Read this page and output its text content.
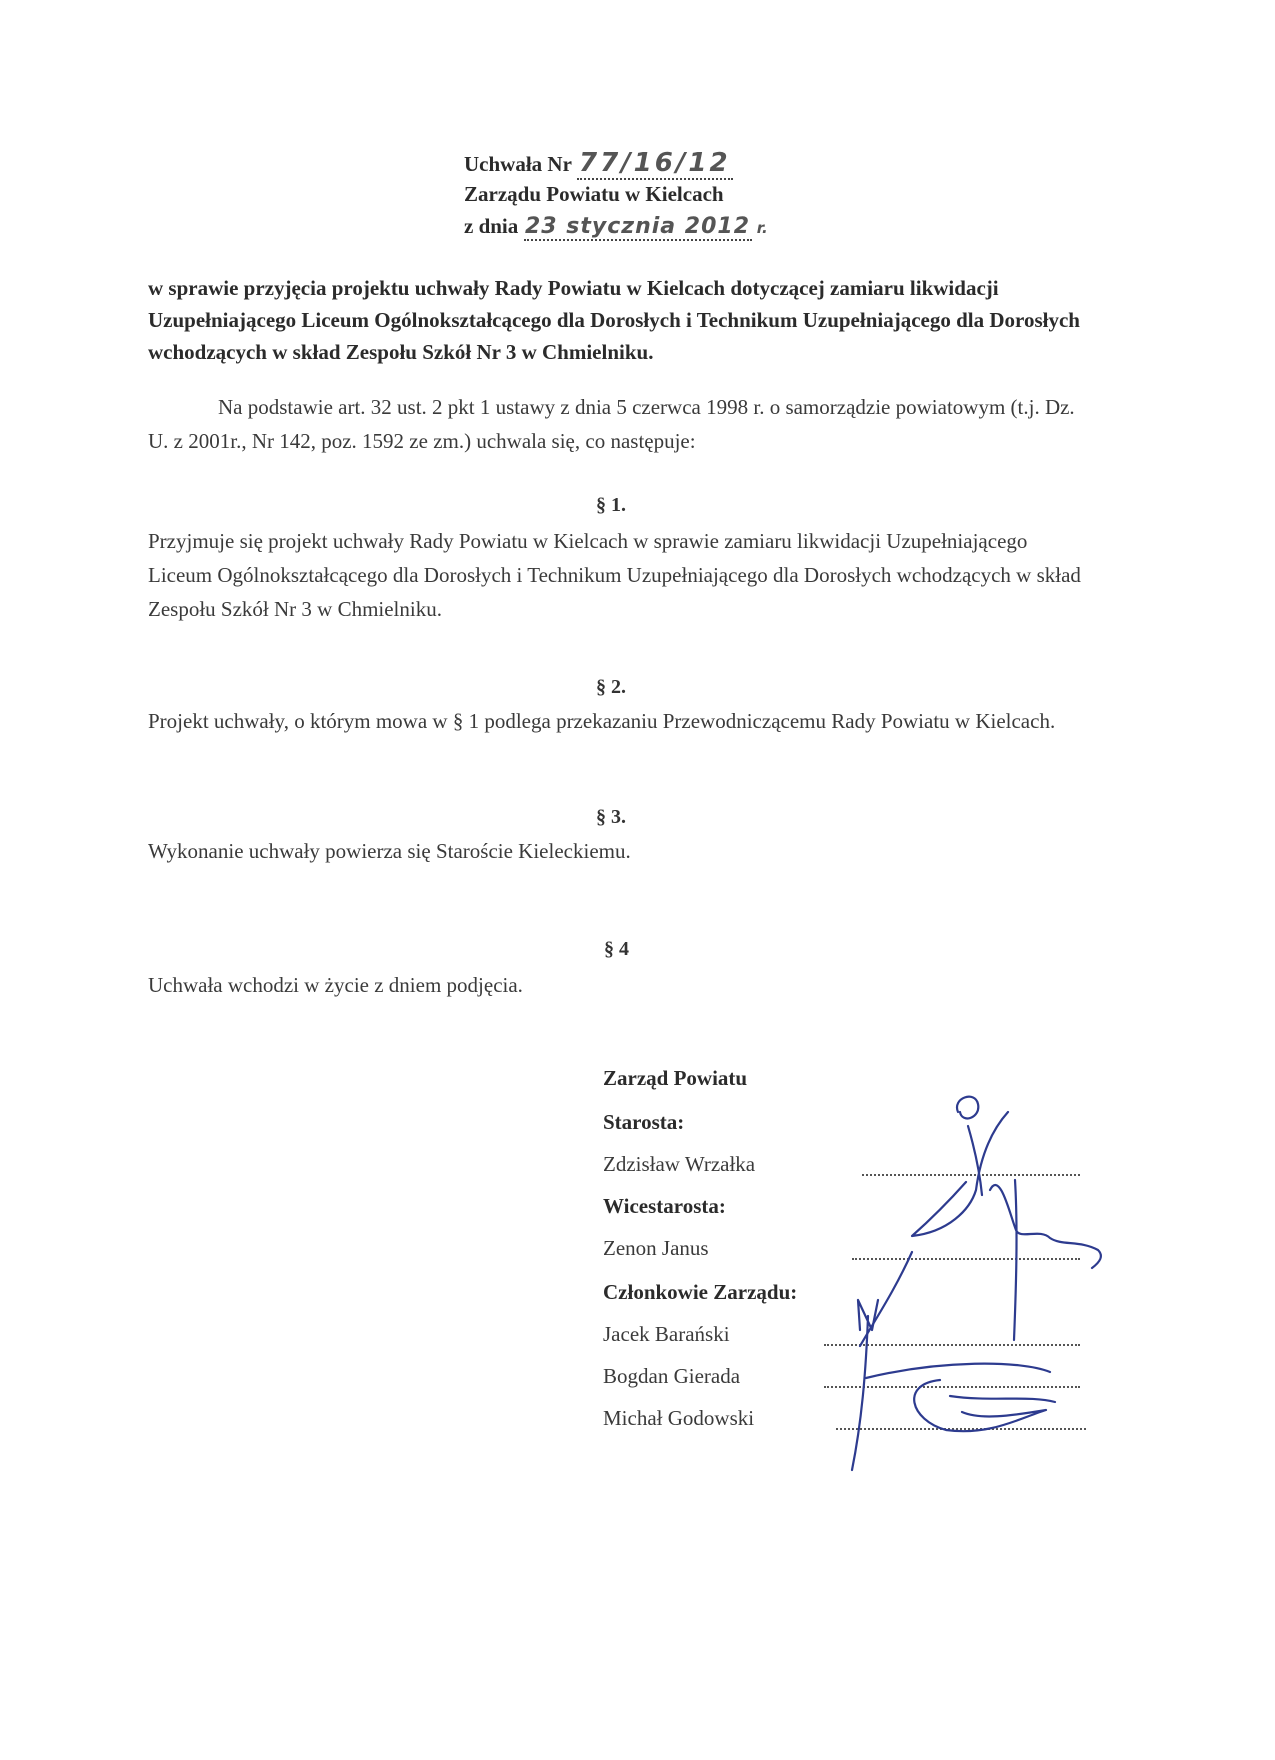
Uchwała Nr 77/16/12
Zarządu Powiatu w Kielcach
z dnia 23 stycznia 2012 r.
w sprawie przyjęcia projektu uchwały Rady Powiatu w Kielcach dotyczącej zamiaru likwidacji Uzupełniającego Liceum Ogólnokształcącego dla Dorosłych i Technikum Uzupełniającego dla Dorosłych wchodzących w skład Zespołu Szkół Nr 3 w Chmielniku.
Na podstawie art. 32 ust. 2 pkt 1 ustawy z dnia 5 czerwca 1998 r. o samorządzie powiatowym (t.j. Dz. U. z 2001r., Nr 142, poz. 1592 ze zm.) uchwala się, co następuje:
§ 1.
Przyjmuje się projekt uchwały Rady Powiatu w Kielcach w sprawie zamiaru likwidacji Uzupełniającego Liceum Ogólnokształcącego dla Dorosłych i Technikum Uzupełniającego dla Dorosłych wchodzących w skład Zespołu Szkół Nr 3 w Chmielniku.
§ 2.
Projekt uchwały, o którym mowa w § 1 podlega przekazaniu Przewodniczącemu Rady Powiatu w Kielcach.
§ 3.
Wykonanie uchwały powierza się Staroście Kieleckiemu.
§ 4
Uchwała wchodzi w życie z dniem podjęcia.
Zarząd Powiatu
Starosta:
Zdzisław Wrzałka
Wicestarosta:
Zenon Janus
Członkowie Zarządu:
Jacek Barański
Bogdan Gierada
Michał Godowski
